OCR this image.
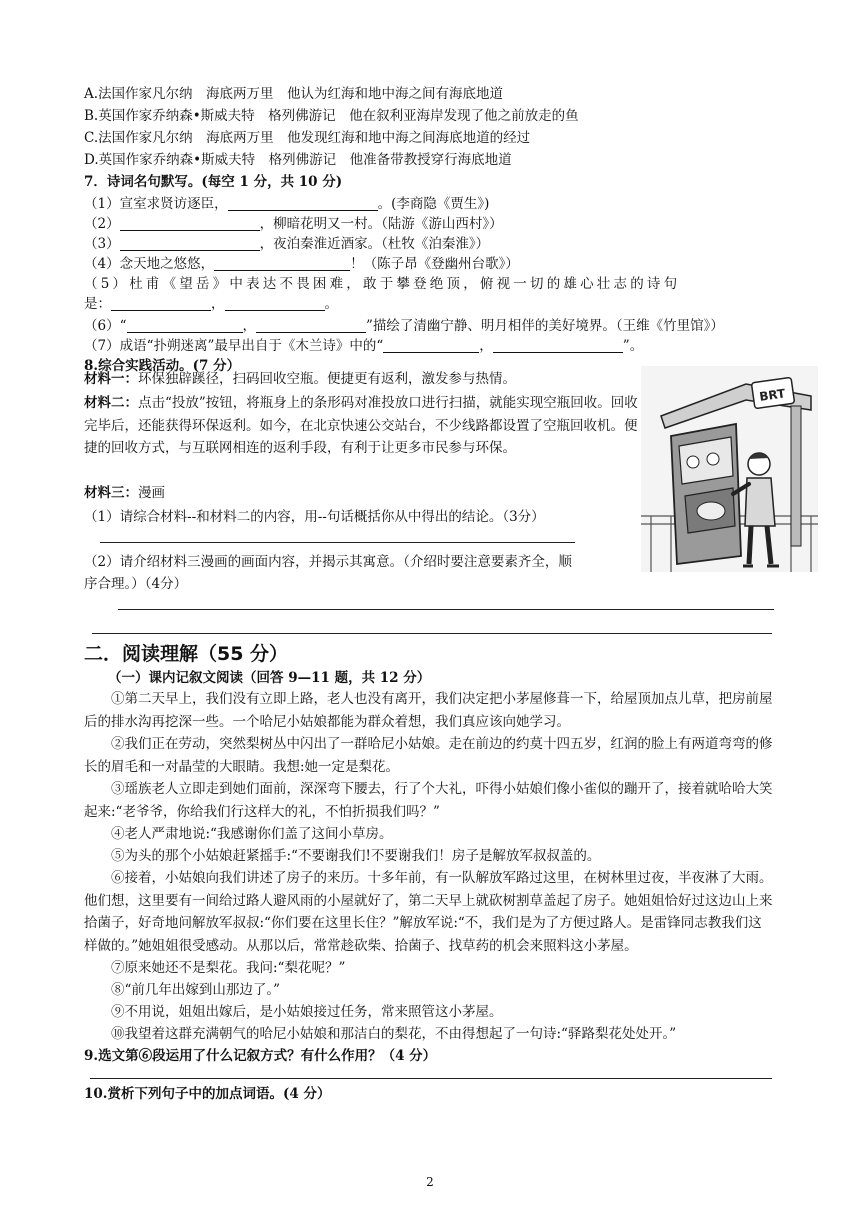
A.法国作家凡尔纳　海底两万里　他认为红海和地中海之间有海底地道
B.英国作家乔纳森•斯威夫特　格列佛游记　他在叙利亚海岸发现了他之前放走的鱼
C.法国作家凡尔纳　海底两万里　他发现红海和地中海之间海底地道的经过
D.英国作家乔纳森•斯威夫特　格列佛游记　他准备带教授穿行海底地道
7．诗词名句默写。(每空 1 分，共 10 分)
（1）宣室求贤访逐臣，	。(李商隐《贾生》)
（2）	，柳暗花明又一村。（陆游《游山西村》）
（3）	，夜泊秦淮近酒家。（杜牧《泊秦淮》）
（4）念天地之悠悠，	！（陈子昂《登幽州台歌》）
（5）杜甫《望岳》中表达不畏困难，敢于攀登绝顶，俯视一切的雄心壮志的诗句
是：	，	。
（6）“	，	”描绘了清幽宁静、明月相伴的美好境界。（王维《竹里馆》）
（7）成语“扑朔迷离”最早出自于《木兰诗》中的“	，	”。
8.综合实践活动。(7 分）
材料一：环保独辟蹊径，扫码回收空瓶。便捷更有返利，激发参与热情。
材料二：点击“投放”按钮，将瓶身上的条形码对准投放口进行扫描，就能实现空瓶回收。回收完毕后，还能获得环保返利。如今，在北京快速公交站台，不少线路都设置了空瓶回收机。便捷的回收方式，与互联网相连的返利手段，有利于让更多市民参与环保。
材料三：漫画
（1）请综合材料--和材料二的内容，用--句话概括你从中得出的结论。（3分）
（2）请介绍材料三漫画的画面内容，并揭示其寓意。（介绍时要注意要素齐全，顺
序合理。）（4分）
BRT
二．阅读理解（55 分）
（一）课内记叙文阅读（回答 9—11 题，共 12 分）
①第二天早上，我们没有立即上路，老人也没有离开，我们决定把小茅屋修葺一下，给屋顶加点儿草，把房前屋后的排水沟再挖深一些。一个哈尼小姑娘都能为群众着想，我们真应该向她学习。
②我们正在劳动，突然梨树丛中闪出了一群哈尼小姑娘。走在前边的约莫十四五岁，红润的脸上有两道弯弯的修长的眉毛和一对晶莹的大眼睛。我想:她一定是梨花。
③瑶族老人立即走到她们面前，深深弯下腰去，行了个大礼，吓得小姑娘们像小雀似的蹦开了，接着就哈哈大笑起来:“老爷爷，你给我们行这样大的礼，不怕折损我们吗？”
④老人严肃地说:“我感谢你们盖了这间小草房。
⑤为头的那个小姑娘赶紧摇手:“不要谢我们!不要谢我们！房子是解放军叔叔盖的。
⑥接着，小姑娘向我们讲述了房子的来历。十多年前，有一队解放军路过这里，在树林里过夜，半夜淋了大雨。他们想，这里要有一间给过路人避风雨的小屋就好了，第二天早上就砍树割草盖起了房子。她姐姐恰好过这边山上来拾菌子，好奇地问解放军叔叔:“你们要在这里长住？”解放军说:“不，我们是为了方便过路人。是雷锋同志教我们这样做的。”她姐姐很受感动。从那以后，常常趁砍柴、拾菌子、找草药的机会来照料这小茅屋。
⑦原来她还不是梨花。我问:“梨花呢？”
⑧“前几年出嫁到山那边了。”
⑨不用说，姐姐出嫁后，是小姑娘接过任务，常来照管这小茅屋。
⑩我望着这群充满朝气的哈尼小姑娘和那洁白的梨花，不由得想起了一句诗:“驿路梨花处处开。”
9.选文第⑥段运用了什么记叙方式？有什么作用？（4 分）
10.赏析下列句子中的加点词语。(4 分）
2
